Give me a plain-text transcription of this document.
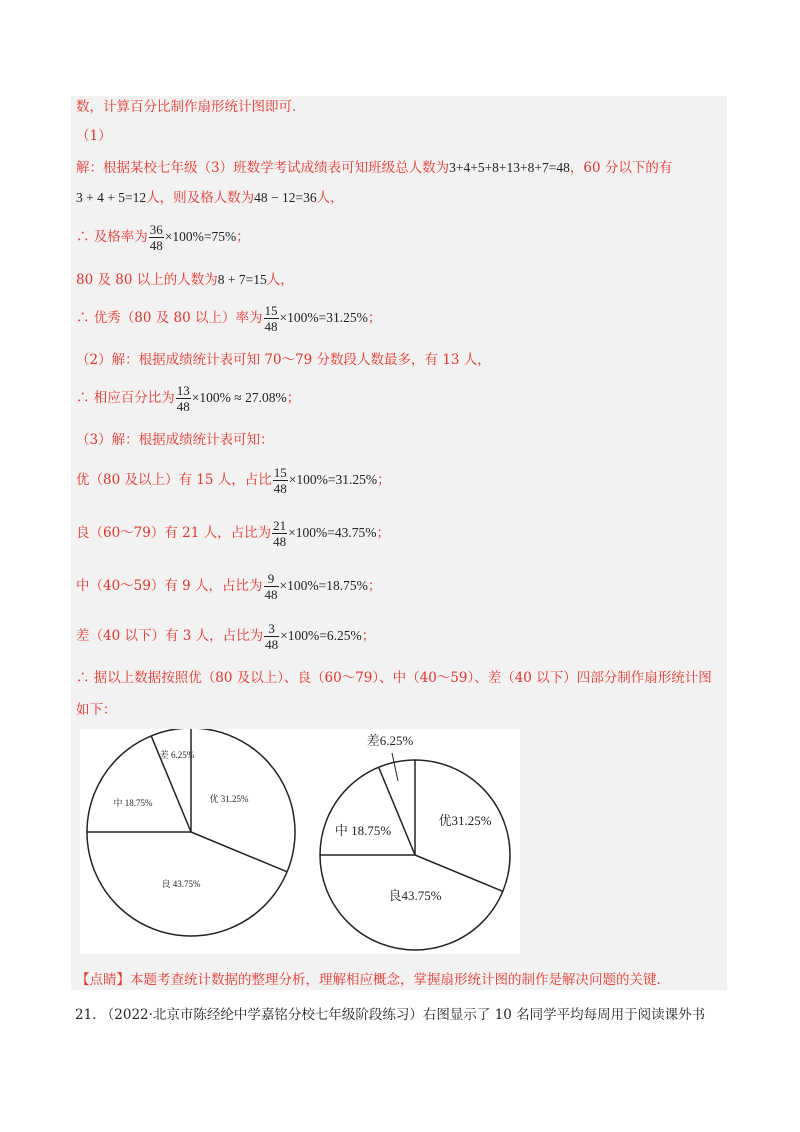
数，计算百分比制作扇形统计图即可.
（1）
解：根据某校七年级（3）班数学考试成绩表可知班级总人数为3+4+5+8+13+8+7=48，60 分以下的有
3 + 4 + 5=12人，则及格人数为48 − 12=36人，
∴ 及格率为 $\frac{36}{48} \times 100\%=75\%$；
80 及 80 以上的人数为8 + 7=15人，
∴ 优秀（80 及 80 以上）率为 $\frac{15}{48} \times 100\%=31.25\%$；
（2）解：根据成绩统计表可知 70～79 分数段人数最多，有 13 人，
∴ 相应百分比为 $\frac{13}{48} \times 100\% \approx 27.08\%$；
（3）解：根据成绩统计表可知：
优（80 及以上）有 15 人，占比 $\frac{15}{48} \times 100\%=31.25\%$；
良（60～79）有 21 人，占比为 $\frac{21}{48} \times 100\%=43.75\%$；
中（40～59）有 9 人，占比为 $\frac{9}{48} \times 100\%=18.75\%$；
差（40 以下）有 3 人，占比为 $\frac{3}{48} \times 100\%=6.25\%$；
∴ 据以上数据按照优（80 及以上）、良（60～79）、中（40～59）、差（40 以下）四部分制作扇形统计图
如下：
优 31.25%
良 43.75%
中 18.75%
差 6.25%
优31.25%
良43.75%
中 18.75%
差6.25%
【点睛】本题考查统计数据的整理分析，理解相应概念，掌握扇形统计图的制作是解决问题的关键.
21. （2022·北京市陈经纶中学嘉铭分校七年级阶段练习）右图显示了 10 名同学平均每周用于阅读课外书
